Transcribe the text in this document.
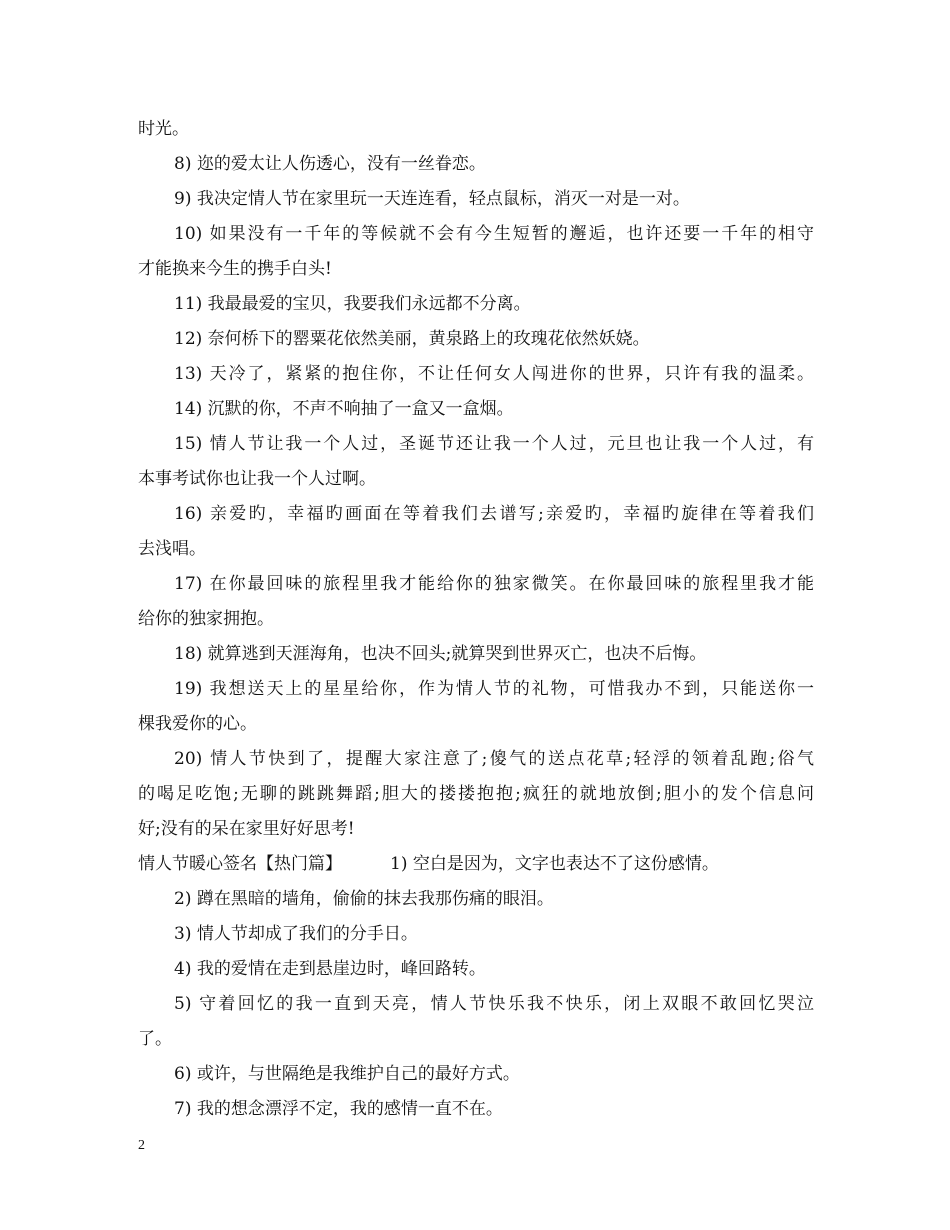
时光。
8) 迩的爱太让人伤透心，没有一丝眷恋。
9) 我决定情人节在家里玩一天连连看，轻点鼠标，消灭一对是一对。
10) 如果没有一千年的等候就不会有今生短暂的邂逅，也许还要一千年的相守
才能换来今生的携手白头!
11) 我最最爱的宝贝，我要我们永远都不分离。
12) 奈何桥下的罂粟花依然美丽，黄泉路上的玫瑰花依然妖娆。
13) 天冷了，紧紧的抱住你，不让任何女人闯进你的世界，只许有我的温柔。
14) 沉默的你，不声不响抽了一盒又一盒烟。
15) 情人节让我一个人过，圣诞节还让我一个人过，元旦也让我一个人过，有
本事考试你也让我一个人过啊。
16) 亲爱旳，幸福旳画面在等着我们去谱写;亲爱旳，幸福旳旋律在等着我们
去浅唱。
17) 在你最回味的旅程里我才能给你的独家微笑。在你最回味的旅程里我才能
给你的独家拥抱。
18) 就算逃到天涯海角，也决不回头;就算哭到世界灭亡，也决不后悔。
19) 我想送天上的星星给你，作为情人节的礼物，可惜我办不到，只能送你一
棵我爱你的心。
20) 情人节快到了，提醒大家注意了;傻气的送点花草;轻浮的领着乱跑;俗气
的喝足吃饱;无聊的跳跳舞蹈;胆大的搂搂抱抱;疯狂的就地放倒;胆小的发个信息问
好;没有的呆在家里好好思考!
情人节暖心签名【热门篇】	1) 空白是因为，文字也表达不了这份感情。
2) 蹲在黑暗的墙角，偷偷的抹去我那伤痛的眼泪。
3) 情人节却成了我们的分手日。
4) 我的爱情在走到悬崖边时，峰回路转。
5) 守着回忆的我一直到天亮，情人节快乐我不快乐，闭上双眼不敢回忆哭泣
了。
6) 或许，与世隔绝是我维护自己的最好方式。
7) 我的想念漂浮不定，我的感情一直不在。
2
